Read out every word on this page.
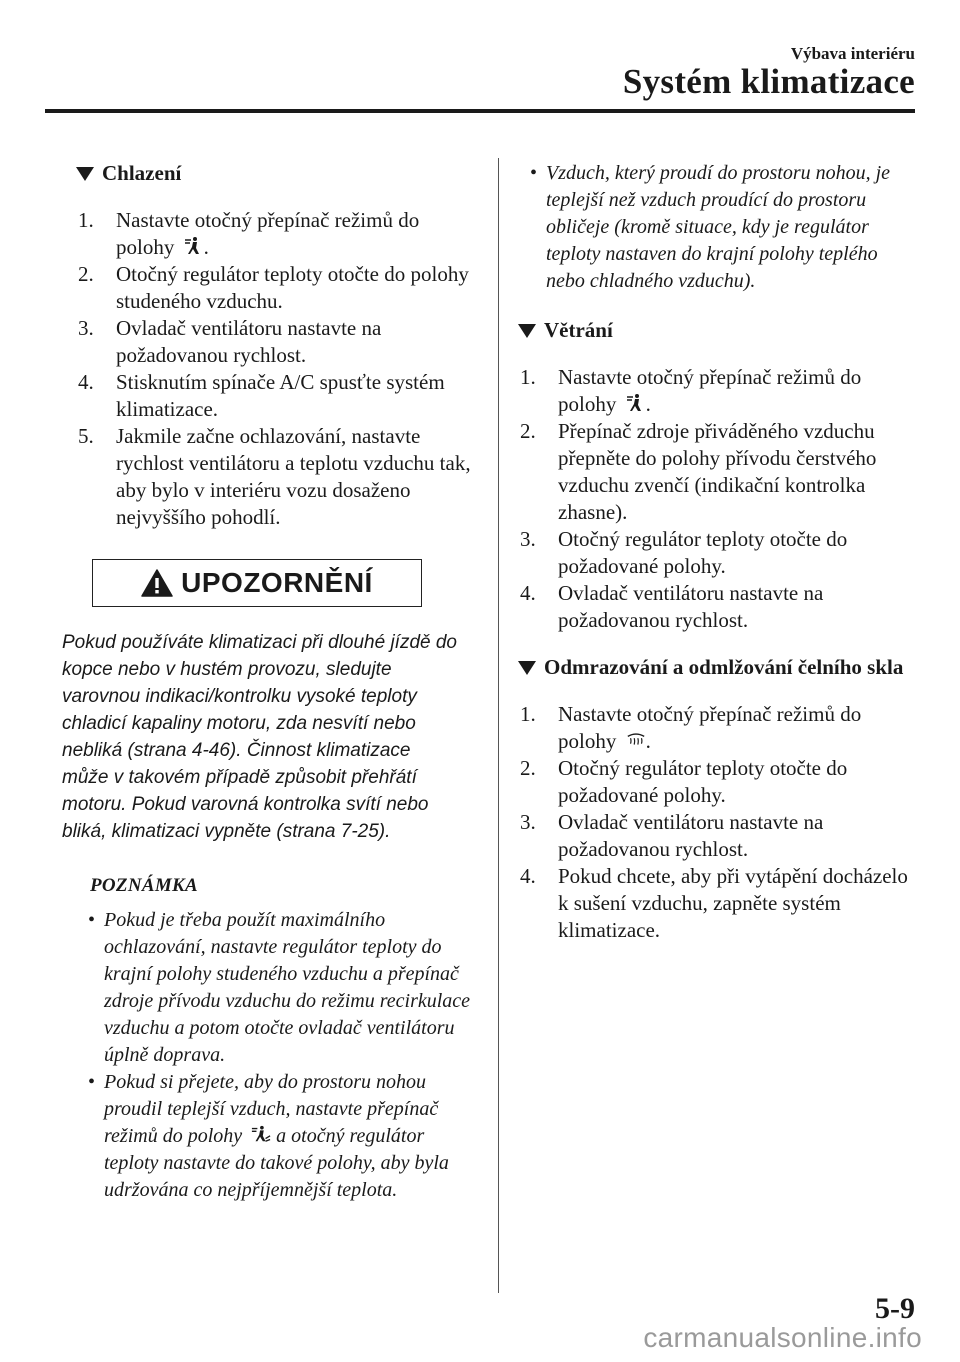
Výbava interiéru
Systém klimatizace
Chlazení
1. Nastavte otočný přepínač režimů do polohy .
2. Otočný regulátor teploty otočte do polohy studeného vzduchu.
3. Ovladač ventilátoru nastavte na požadovanou rychlost.
4. Stisknutím spínače A/C spusťte systém klimatizace.
5. Jakmile začne ochlazování, nastavte rychlost ventilátoru a teplotu vzduchu tak, aby bylo v interiéru vozu dosaženo nejvyššího pohodlí.
UPOZORNĚNÍ
Pokud používáte klimatizaci při dlouhé jízdě do kopce nebo v hustém provozu, sledujte varovnou indikaci/kontrolku vysoké teploty chladicí kapaliny motoru, zda nesvítí nebo nebliká (strana 4-46). Činnost klimatizace může v takovém případě způsobit přehřátí motoru. Pokud varovná kontrolka svítí nebo bliká, klimatizaci vypněte (strana 7-25).
POZNÁMKA
• Pokud je třeba použít maximálního ochlazování, nastavte regulátor teploty do krajní polohy studeného vzduchu a přepínač zdroje přívodu vzduchu do režimu recirkulace vzduchu a potom otočte ovladač ventilátoru úplně doprava.
• Pokud si přejete, aby do prostoru nohou proudil teplejší vzduch, nastavte přepínač režimů do polohy  a otočný regulátor teploty nastavte do takové polohy, aby byla udržována co nejpříjemnější teplota.
• Vzduch, který proudí do prostoru nohou, je teplejší než vzduch proudící do prostoru obličeje (kromě situace, kdy je regulátor teploty nastaven do krajní polohy teplého nebo chladného vzduchu).
Větrání
1. Nastavte otočný přepínač režimů do polohy .
2. Přepínač zdroje přiváděného vzduchu přepněte do polohy přívodu čerstvého vzduchu zvenčí (indikační kontrolka zhasne).
3. Otočný regulátor teploty otočte do požadované polohy.
4. Ovladač ventilátoru nastavte na požadovanou rychlost.
Odmrazování a odmlžování čelního skla
1. Nastavte otočný přepínač režimů do polohy .
2. Otočný regulátor teploty otočte do požadované polohy.
3. Ovladač ventilátoru nastavte na požadovanou rychlost.
4. Pokud chcete, aby při vytápění docházelo k sušení vzduchu, zapněte systém klimatizace.
5-9
carmanualsonline.info
